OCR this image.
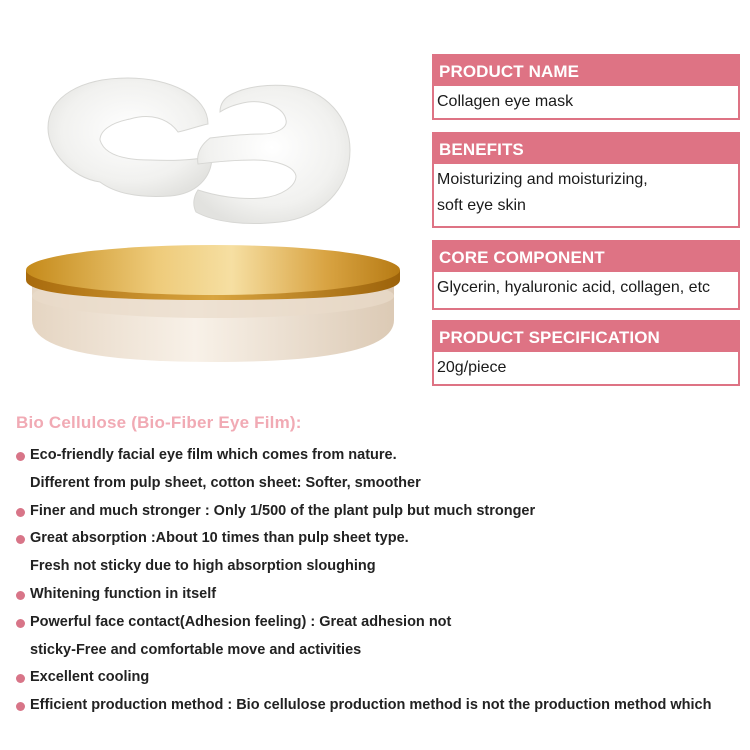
PRODUCT NAME
Collagen eye mask
BENEFITS
Moisturizing and moisturizing,
soft eye skin
CORE COMPONENT
Glycerin, hyaluronic acid, collagen, etc
PRODUCT SPECIFICATION
20g/piece
Bio Cellulose (Bio-Fiber Eye Film):
Eco-friendly facial eye film which comes from nature.
Different from pulp sheet, cotton sheet: Softer, smoother
Finer and much stronger : Only 1/500 of the plant pulp but much stronger
Great absorption :About 10 times than pulp sheet type.
Fresh not sticky due to high absorption sloughing
Whitening function in itself
Powerful face contact(Adhesion feeling) : Great adhesion not
sticky-Free and comfortable move and activities
Excellent cooling
Efficient production method : Bio cellulose production method is not the production method which
